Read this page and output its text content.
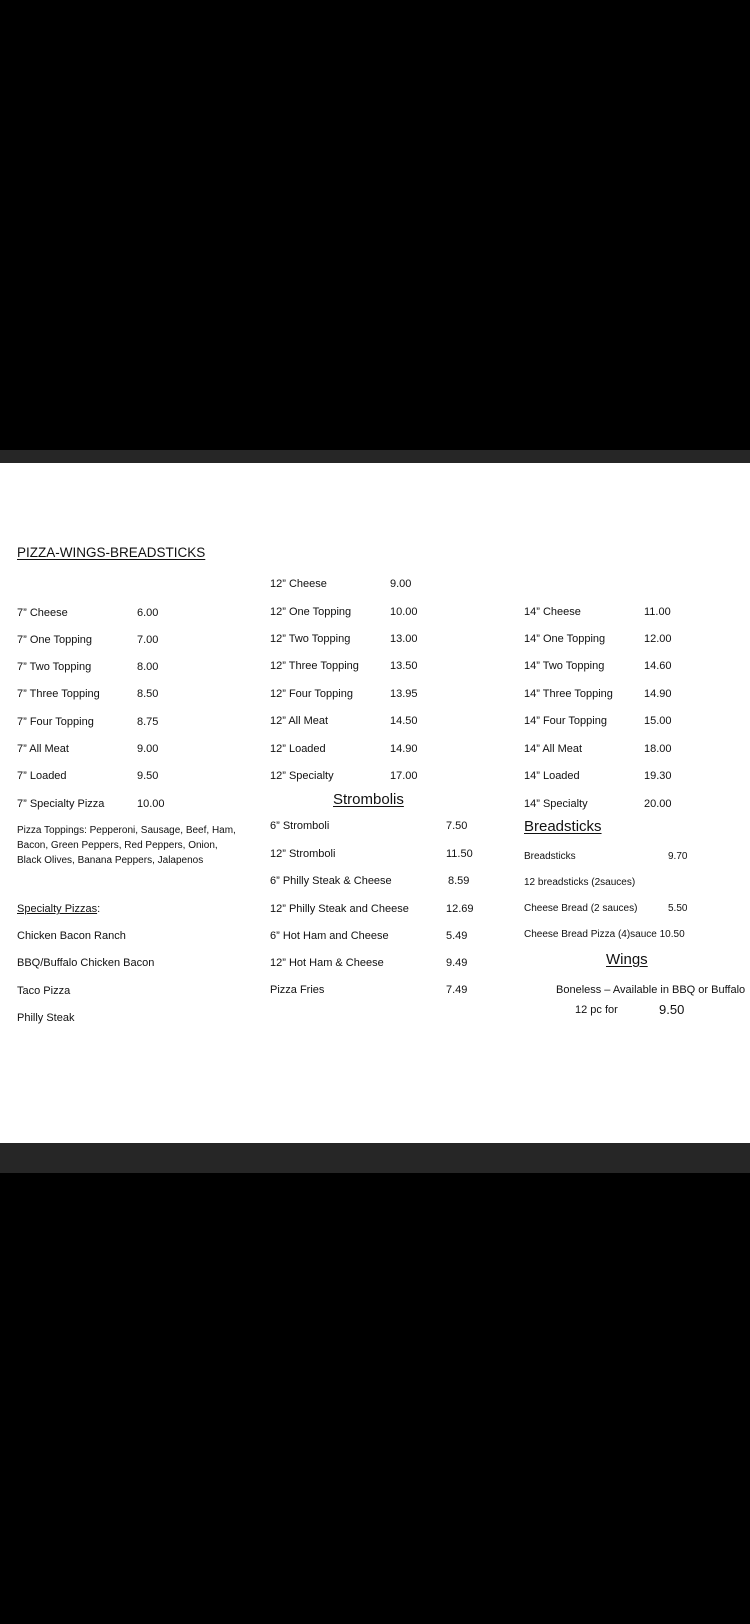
PIZZA-WINGS-BREADSTICKS
7” Cheese	6.00
7” One Topping	7.00
7” Two Topping	8.00
7” Three Topping	8.50
7” Four Topping	8.75
7” All Meat	9.00
7” Loaded	9.50
7” Specialty Pizza	10.00
Pizza Toppings: Pepperoni, Sausage, Beef, Ham, Bacon, Green Peppers, Red Peppers, Onion, Black Olives, Banana Peppers, Jalapenos
Specialty Pizzas:
Chicken Bacon Ranch
BBQ/Buffalo Chicken Bacon
Taco Pizza
Philly Steak
12” Cheese	9.00
12” One Topping	10.00
12” Two Topping	13.00
12” Three Topping	13.50
12” Four Topping	13.95
12” All Meat	14.50
12” Loaded	14.90
12” Specialty	17.00
Strombolis
6” Stromboli	7.50
12” Stromboli	11.50
6” Philly Steak & Cheese	8.59
12” Philly Steak and Cheese	12.69
6” Hot Ham and Cheese	5.49
12” Hot Ham & Cheese	9.49
Pizza Fries	7.49
14” Cheese	11.00
14” One Topping	12.00
14” Two Topping	14.60
14” Three Topping	14.90
14” Four Topping	15.00
14” All Meat	18.00
14” Loaded	19.30
14” Specialty	20.00
Breadsticks
Breadsticks	9.70
12 breadsticks (2sauces)
Cheese Bread (2 sauces)	5.50
Cheese Bread Pizza (4)sauce 10.50
Wings
Boneless – Available in BBQ or Buffalo
12 pc for	9.50
